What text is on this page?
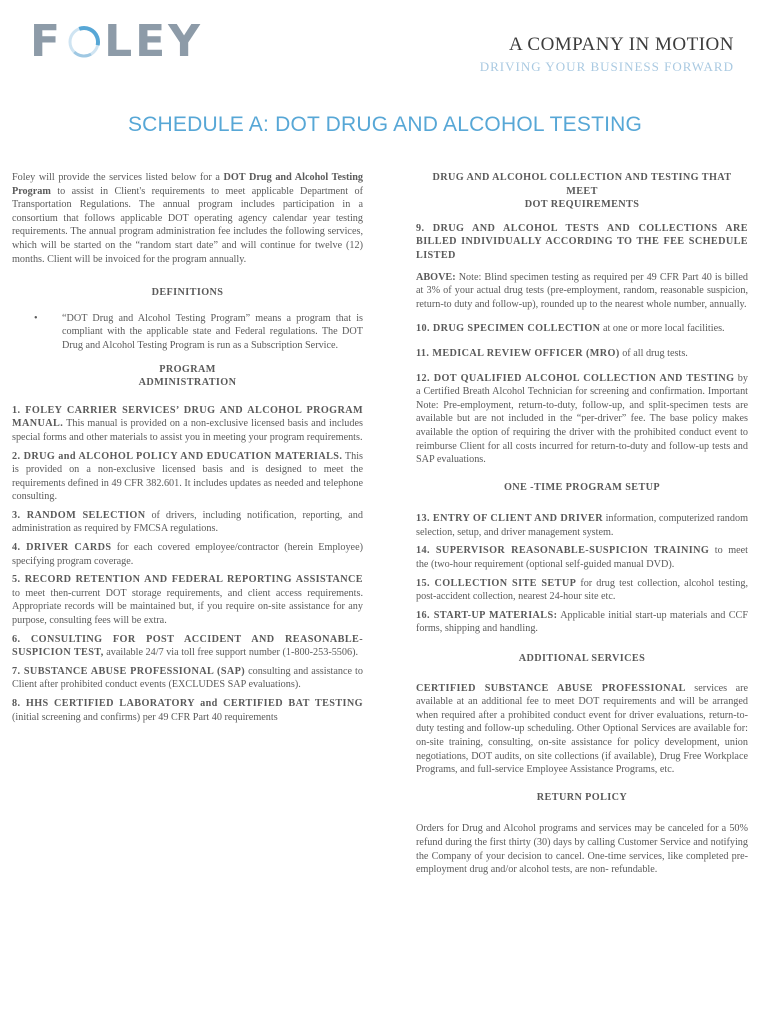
F LEY	A COMPANY IN MOTION
DRIVING YOUR BUSINESS FORWARD
SCHEDULE A: DOT DRUG AND ALCOHOL TESTING

Foley will provide the services listed below for a DOT Drug and Alcohol Testing Program to assist in Client's requirements to meet applicable Department of Transportation Regulations. The annual program includes participation in a consortium that follows applicable DOT operating agency calendar year testing requirements. The annual program administration fee includes the following services, which will be started on the “random start date” and will continue for twelve (12) months. Client will be invoiced for the program annually.

DEFINITIONS

•	“DOT Drug and Alcohol Testing Program” means a program that is compliant with the applicable state and Federal regulations. The DOT Drug and Alcohol Testing Program is run as a Subscription Service.

PROGRAM
ADMINISTRATION

1. FOLEY CARRIER SERVICES’ DRUG AND ALCOHOL PROGRAM MANUAL. This manual is provided on a non-exclusive licensed basis and includes special forms and other materials to assist you in meeting your program requirements.

2. DRUG and ALCOHOL POLICY AND EDUCATION MATERIALS. This is provided on a non-exclusive licensed basis and is designed to meet the requirements defined in 49 CFR 382.601. It includes updates as needed and telephone consulting.

3. RANDOM SELECTION of drivers, including notification, reporting, and administration as required by FMCSA regulations.

4. DRIVER CARDS for each covered employee/contractor (herein Employee) specifying program coverage.

5. RECORD RETENTION AND FEDERAL REPORTING ASSISTANCE to meet then-current DOT storage requirements, and client access requirements. Appropriate records will be maintained but, if you require on-site assistance for any purpose, consulting fees will be extra.

6. CONSULTING FOR POST ACCIDENT AND REASONABLE-SUSPICION TEST, available 24/7 via toll free support number (1-800-253-5506).

7. SUBSTANCE ABUSE PROFESSIONAL (SAP) consulting and assistance to Client after prohibited conduct events (EXCLUDES SAP evaluations).

8. HHS CERTIFIED LABORATORY and CERTIFIED BAT TESTING (initial screening and confirms) per 49 CFR Part 40 requirements

DRUG AND ALCOHOL COLLECTION AND TESTING THAT MEET
DOT REQUIREMENTS

9. DRUG AND ALCOHOL TESTS AND COLLECTIONS ARE BILLED INDIVIDUALLY ACCORDING TO THE FEE SCHEDULE LISTED

ABOVE: Note: Blind specimen testing as required per 49 CFR Part 40 is billed at 3% of your actual drug tests (pre-employment, random, reasonable suspicion, return-to duty and follow-up), rounded up to the nearest whole number, annually.

10. DRUG SPECIMEN COLLECTION at one or more local facilities.

11. MEDICAL REVIEW OFFICER (MRO) of all drug tests.

12. DOT QUALIFIED ALCOHOL COLLECTION AND TESTING by a Certified Breath Alcohol Technician for screening and confirmation. Important Note: Pre-employment, return-to-duty, follow-up, and split-specimen tests are available but are not included in the “per-driver” fee. The base policy makes available the option of requiring the driver with the prohibited conduct event to reimburse Client for all costs incurred for return-to-duty and follow-up tests and SAP evaluations.

ONE -TIME PROGRAM SETUP

13. ENTRY OF CLIENT AND DRIVER information, computerized random selection, setup, and driver management system.

14. SUPERVISOR REASONABLE-SUSPICION TRAINING to meet the (two-hour requirement (optional self-guided manual DVD).

15. COLLECTION SITE SETUP for drug test collection, alcohol testing, post-accident collection, nearest 24-hour site etc.

16. START-UP MATERIALS: Applicable initial start-up materials and CCF forms, shipping and handling.

ADDITIONAL SERVICES

CERTIFIED SUBSTANCE ABUSE PROFESSIONAL services are available at an additional fee to meet DOT requirements and will be arranged when required after a prohibited conduct event for driver evaluations, return-to- duty testing and follow-up scheduling. Other Optional Services are available for: on-site training, consulting, on-site assistance for policy development, union negotiations, DOT audits, on site collections (if available), Drug Free Workplace Programs, and full-service Employee Assistance Programs, etc.

RETURN POLICY

Orders for Drug and Alcohol programs and services may be canceled for a 50% refund during the first thirty (30) days by calling Customer Service and notifying the Company of your decision to cancel. One-time services, like completed pre-employment drug and/or alcohol tests, are non- refundable.
